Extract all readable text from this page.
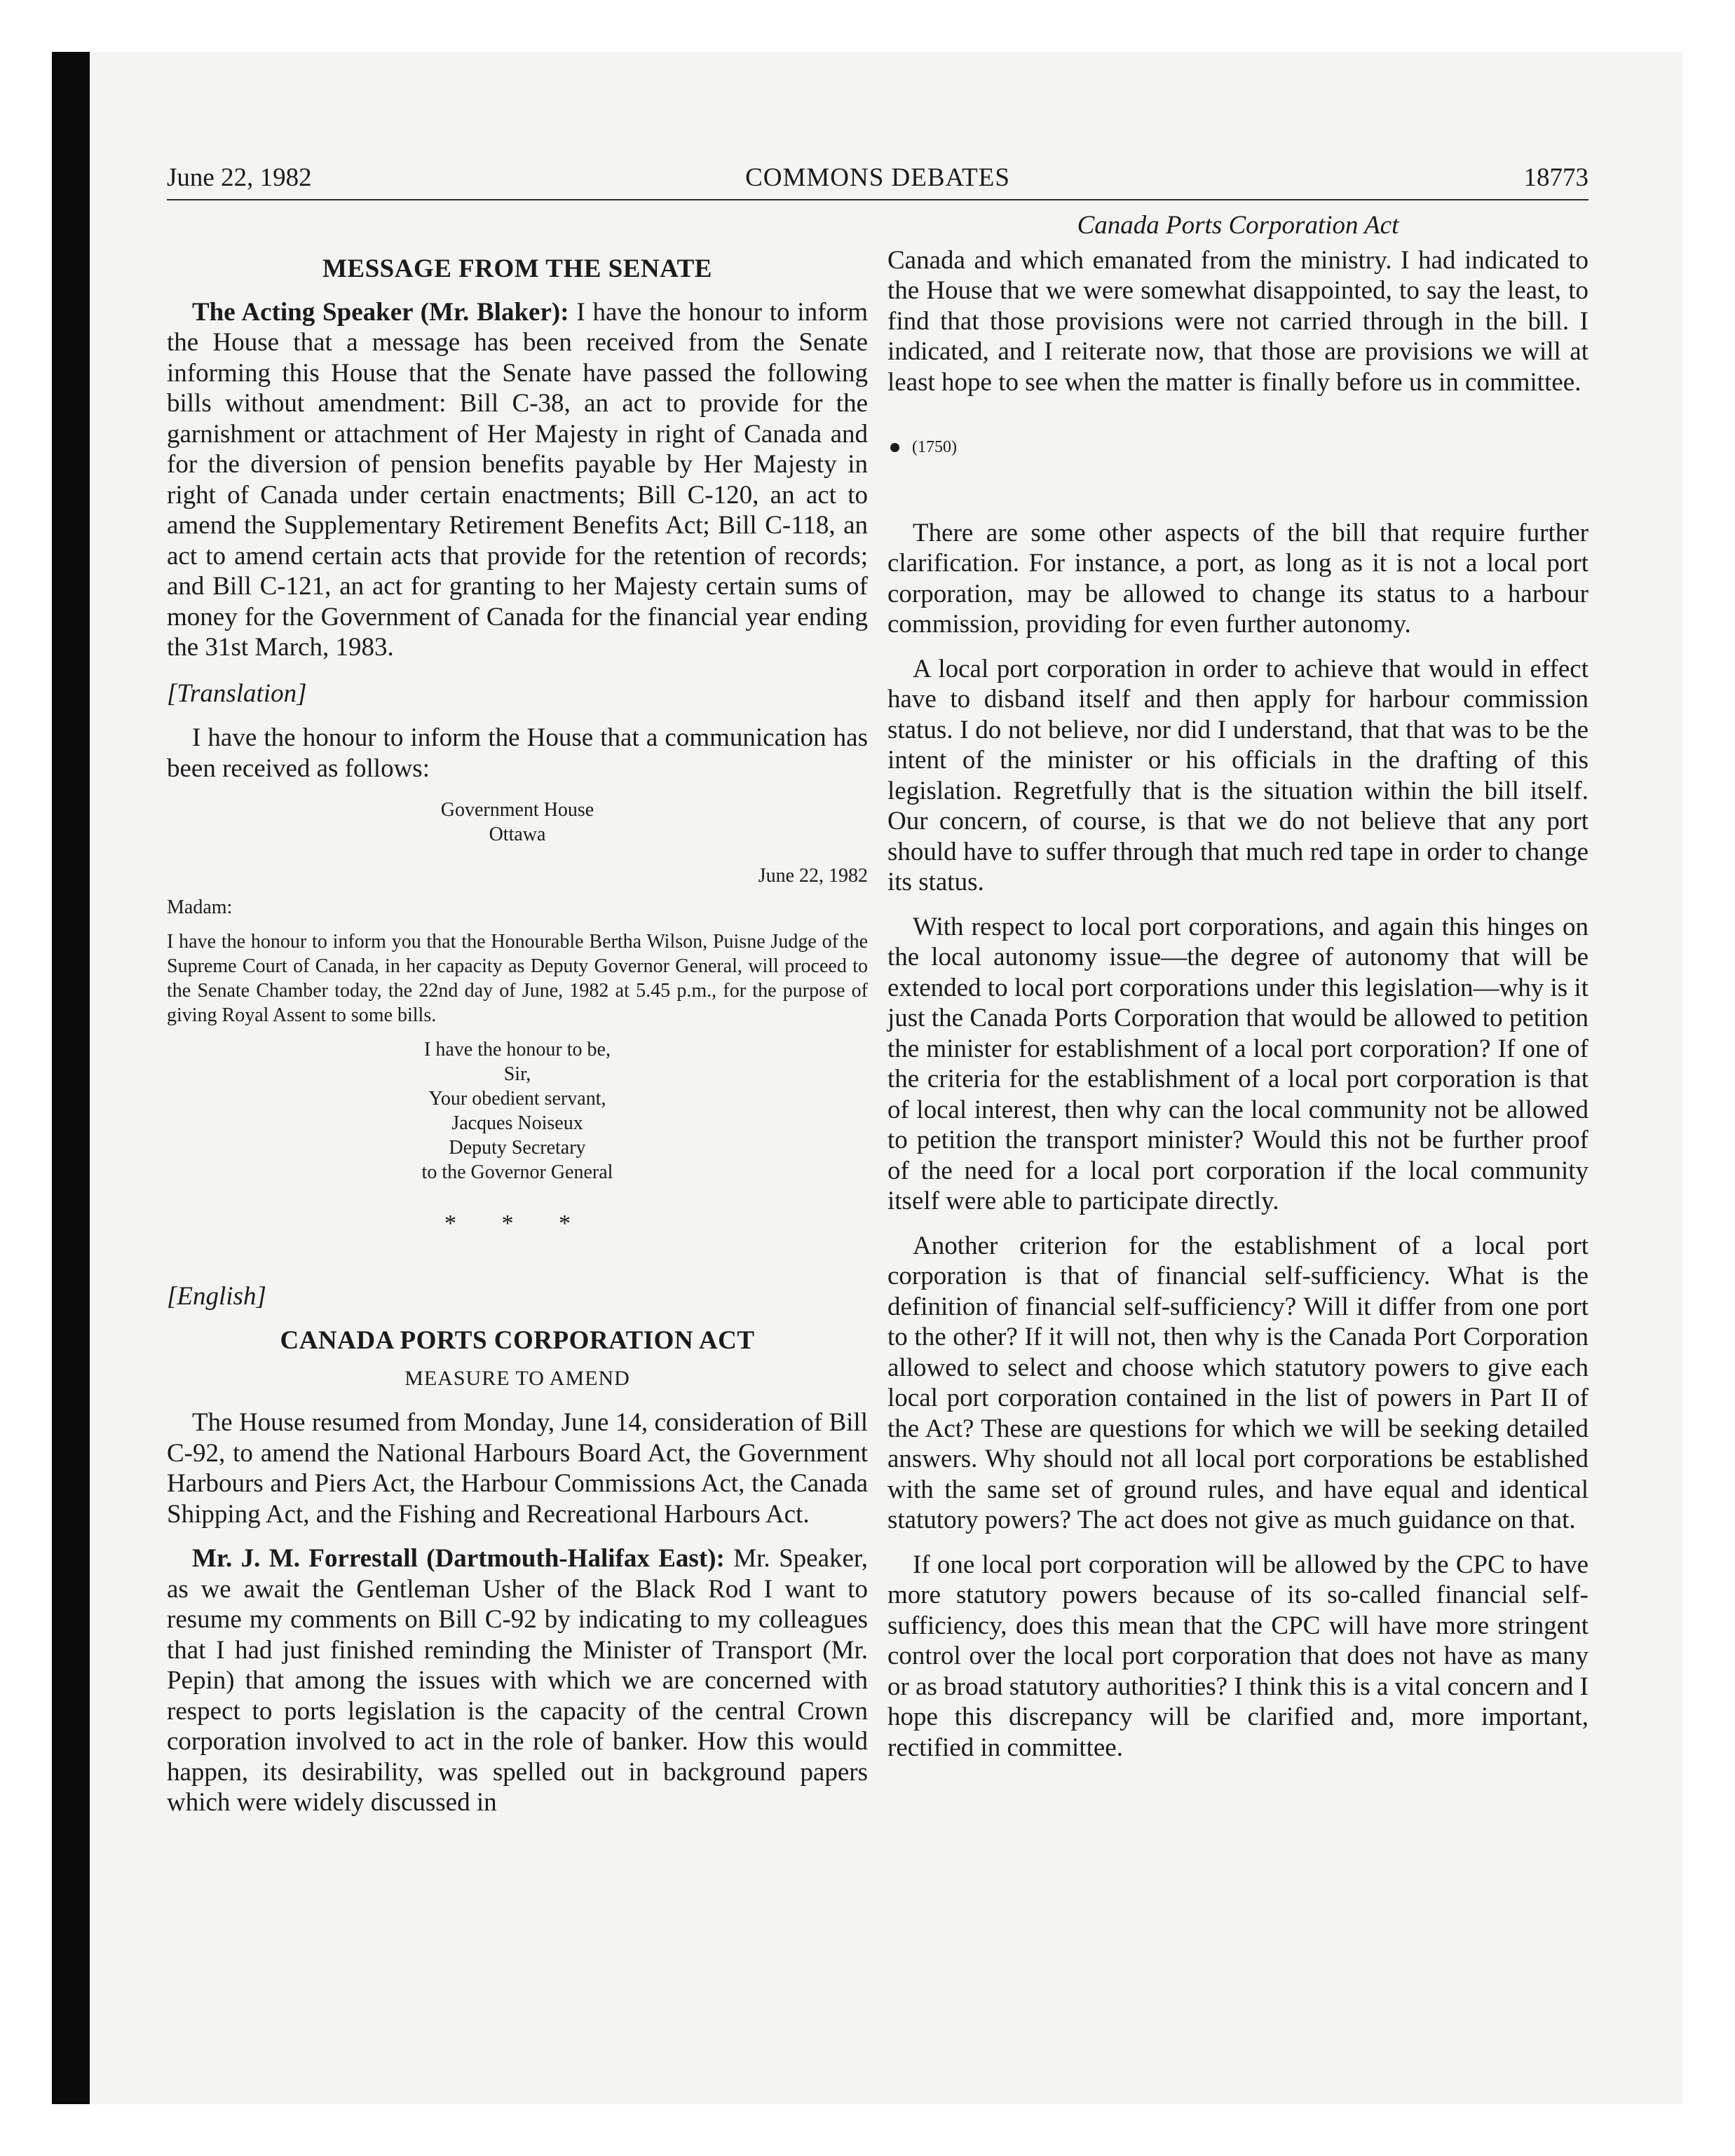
June 22, 1982	COMMONS DEBATES	18773
MESSAGE FROM THE SENATE

The Acting Speaker (Mr. Blaker): I have the honour to inform the House that a message has been received from the Senate informing this House that the Senate have passed the following bills without amendment: Bill C-38, an act to provide for the garnishment or attachment of Her Majesty in right of Canada and for the diversion of pension benefits payable by Her Majesty in right of Canada under certain enactments; Bill C-120, an act to amend the Supplementary Retirement Benefits Act; Bill C-118, an act to amend certain acts that provide for the retention of records; and Bill C-121, an act for granting to her Majesty certain sums of money for the Government of Canada for the financial year ending the 31st March, 1983.

[Translation]

I have the honour to inform the House that a communication has been received as follows:

Government House
Ottawa
June 22, 1982
Madam:
I have the honour to inform you that the Honourable Bertha Wilson, Puisne Judge of the Supreme Court of Canada, in her capacity as Deputy Governor General, will proceed to the Senate Chamber today, the 22nd day of June, 1982 at 5.45 p.m., for the purpose of giving Royal Assent to some bills.
I have the honour to be,
Sir,
Your obedient servant,
Jacques Noiseux
Deputy Secretary
to the Governor General
* * *
[English]
CANADA PORTS CORPORATION ACT
MEASURE TO AMEND

The House resumed from Monday, June 14, consideration of Bill C-92, to amend the National Harbours Board Act, the Government Harbours and Piers Act, the Harbour Commissions Act, the Canada Shipping Act, and the Fishing and Recreational Harbours Act.

Mr. J. M. Forrestall (Dartmouth-Halifax East): Mr. Speaker, as we await the Gentleman Usher of the Black Rod I want to resume my comments on Bill C-92 by indicating to my colleagues that I had just finished reminding the Minister of Transport (Mr. Pepin) that among the issues with which we are concerned with respect to ports legislation is the capacity of the central Crown corporation involved to act in the role of banker. How this would happen, its desirability, was spelled out in background papers which were widely discussed in

Canada Ports Corporation Act

Canada and which emanated from the ministry. I had indicated to the House that we were somewhat disappointed, to say the least, to find that those provisions were not carried through in the bill. I indicated, and I reiterate now, that those are provisions we will at least hope to see when the matter is finally before us in committee.

(1750)

There are some other aspects of the bill that require further clarification. For instance, a port, as long as it is not a local port corporation, may be allowed to change its status to a harbour commission, providing for even further autonomy.

A local port corporation in order to achieve that would in effect have to disband itself and then apply for harbour commission status. I do not believe, nor did I understand, that that was to be the intent of the minister or his officials in the drafting of this legislation. Regretfully that is the situation within the bill itself. Our concern, of course, is that we do not believe that any port should have to suffer through that much red tape in order to change its status.

With respect to local port corporations, and again this hinges on the local autonomy issue—the degree of autonomy that will be extended to local port corporations under this legislation—why is it just the Canada Ports Corporation that would be allowed to petition the minister for establishment of a local port corporation? If one of the criteria for the establishment of a local port corporation is that of local interest, then why can the local community not be allowed to petition the transport minister? Would this not be further proof of the need for a local port corporation if the local community itself were able to participate directly.

Another criterion for the establishment of a local port corporation is that of financial self-sufficiency. What is the definition of financial self-sufficiency? Will it differ from one port to the other? If it will not, then why is the Canada Port Corporation allowed to select and choose which statutory powers to give each local port corporation contained in the list of powers in Part II of the Act? These are questions for which we will be seeking detailed answers. Why should not all local port corporations be established with the same set of ground rules, and have equal and identical statutory powers? The act does not give as much guidance on that.

If one local port corporation will be allowed by the CPC to have more statutory powers because of its so-called financial self-sufficiency, does this mean that the CPC will have more stringent control over the local port corporation that does not have as many or as broad statutory authorities? I think this is a vital concern and I hope this discrepancy will be clarified and, more important, rectified in committee.
